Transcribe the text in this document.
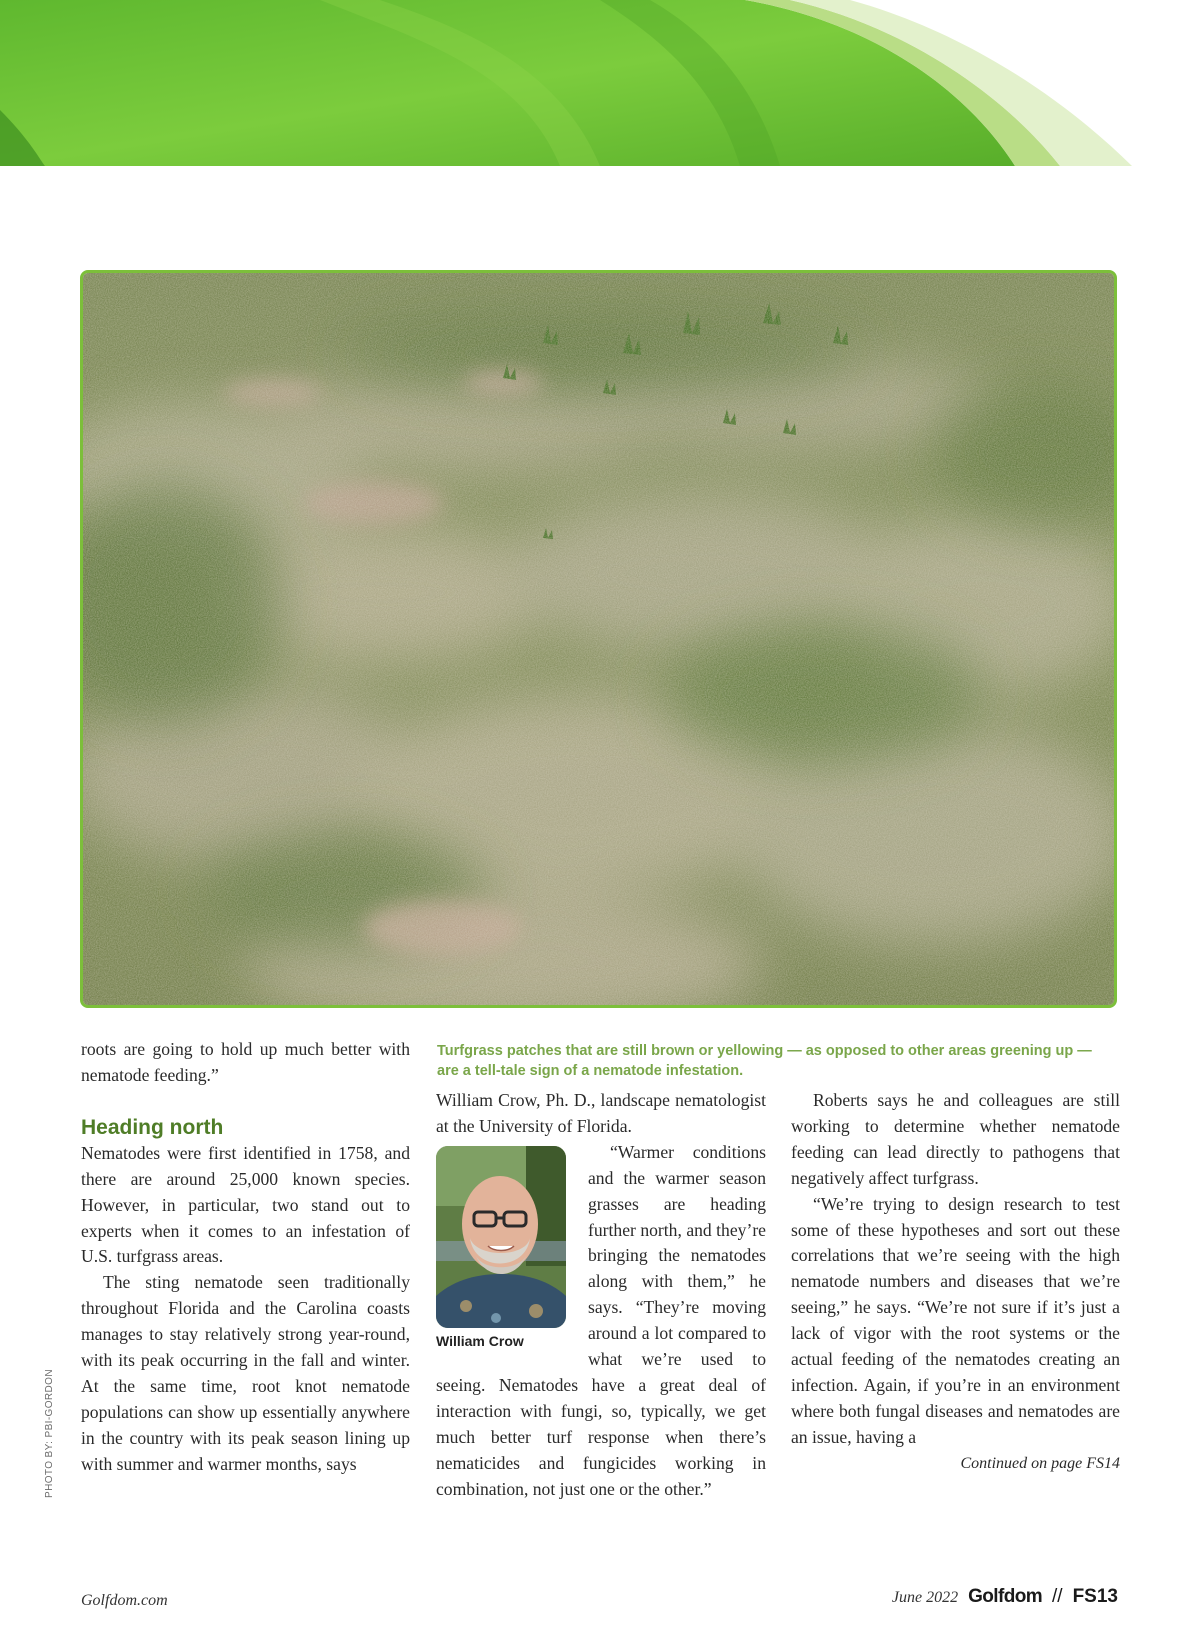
PHOTO BY: PBI-GORDON

roots are going to hold up much better with nematode feeding.”

Heading north

Nematodes were first identified in 1758, and there are around 25,000 known species. However, in particular, two stand out to experts when it comes to an infestation of U.S. turfgrass areas.

The sting nematode seen traditionally throughout Florida and the Carolina coasts manages to stay relatively strong year-round, with its peak occurring in the fall and winter. At the same time, root knot nematode populations can show up essentially anywhere in the country with its peak season lining up with summer and warmer months, says

Turfgrass patches that are still brown or yellowing — as opposed to other areas greening up — are a tell-tale sign of a nematode infestation.

William Crow, Ph. D., landscape nematologist at the University of Florida.

William Crow

“Warmer conditions and the warmer season grasses are heading further north, and they’re bringing the nematodes along with them,” he says. “They’re moving around a lot compared to what we’re used to seeing. Nematodes have a great deal of interaction with fungi, so, typically, we get much better turf response when there’s nematicides and fungicides working in combination, not just one or the other.”

Roberts says he and colleagues are still working to determine whether nematode feeding can lead directly to pathogens that negatively affect turfgrass.

“We’re trying to design research to test some of these hypotheses and sort out these correlations that we’re seeing with the high nematode numbers and diseases that we’re seeing,” he says. “We’re not sure if it’s just a lack of vigor with the root systems or the actual feeding of the nematodes creating an infection. Again, if you’re in an environment where both fungal diseases and nematodes are an issue, having a

Continued on page FS14
Golfdom.com	June 2022 Golfdom // FS13
